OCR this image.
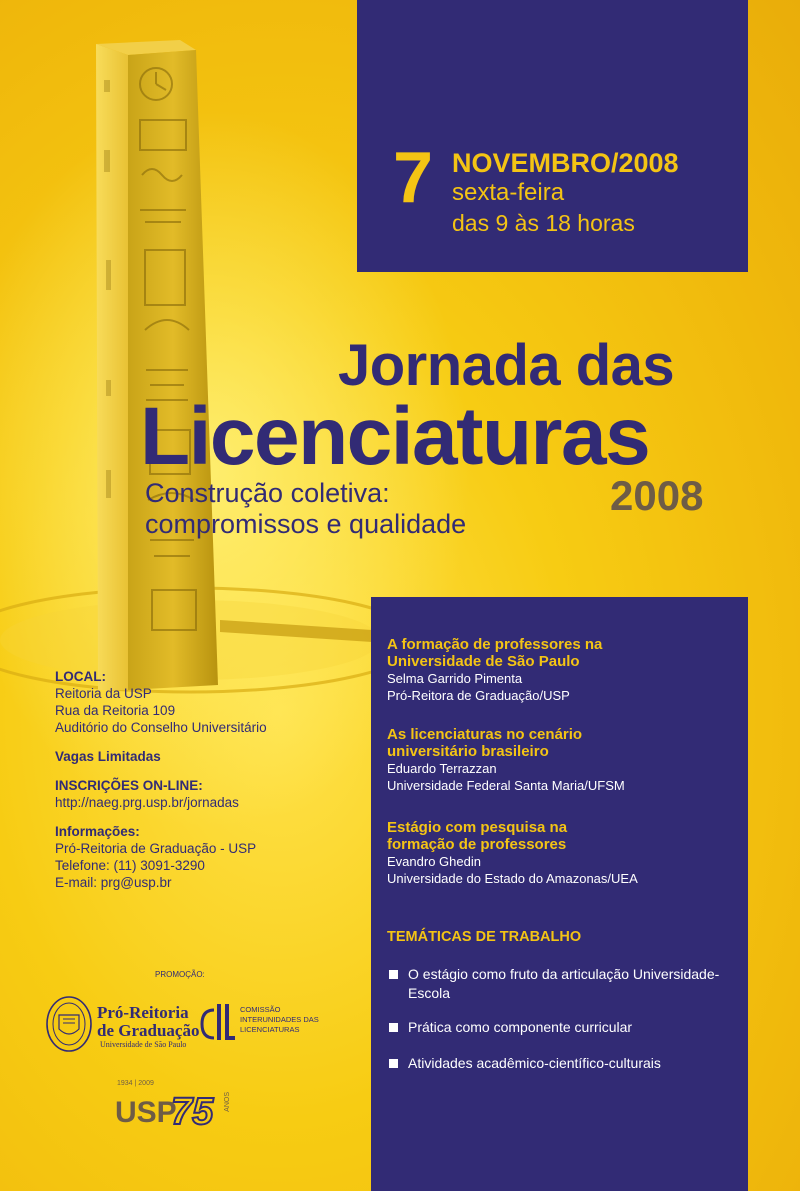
7 NOVEMBRO/2008
sexta-feira
das 9 às 18 horas
Jornada das
Licenciaturas
2008
Construção coletiva:
compromissos e qualidade
LOCAL:
Reitoria da USP
Rua da Reitoria 109
Auditório do Conselho Universitário
Vagas Limitadas
INSCRIÇÕES ON-LINE:
http://naeg.prg.usp.br/jornadas
Informações:
Pró-Reitoria de Graduação - USP
Telefone: (11) 3091-3290
E-mail: prg@usp.br
A formação de professores na
Universidade de São Paulo
Selma Garrido Pimenta
Pró-Reitora de Graduação/USP
As licenciaturas no cenário
universitário brasileiro
Eduardo Terrazzan
Universidade Federal Santa Maria/UFSM
Estágio com pesquisa na
formação de professores
Evandro Ghedin
Universidade do Estado do Amazonas/UEA
TEMÁTICAS DE TRABALHO
O estágio como fruto da articulação Universidade-Escola
Prática como componente curricular
Atividades acadêmico-científico-culturais
PROMOÇÃO:
Pró-Reitoria
de Graduação
Universidade de São Paulo
COMISSÃO
INTERUNIDADES DAS
LICENCIATURAS
1934 | 2009
USP
75 ANOS
